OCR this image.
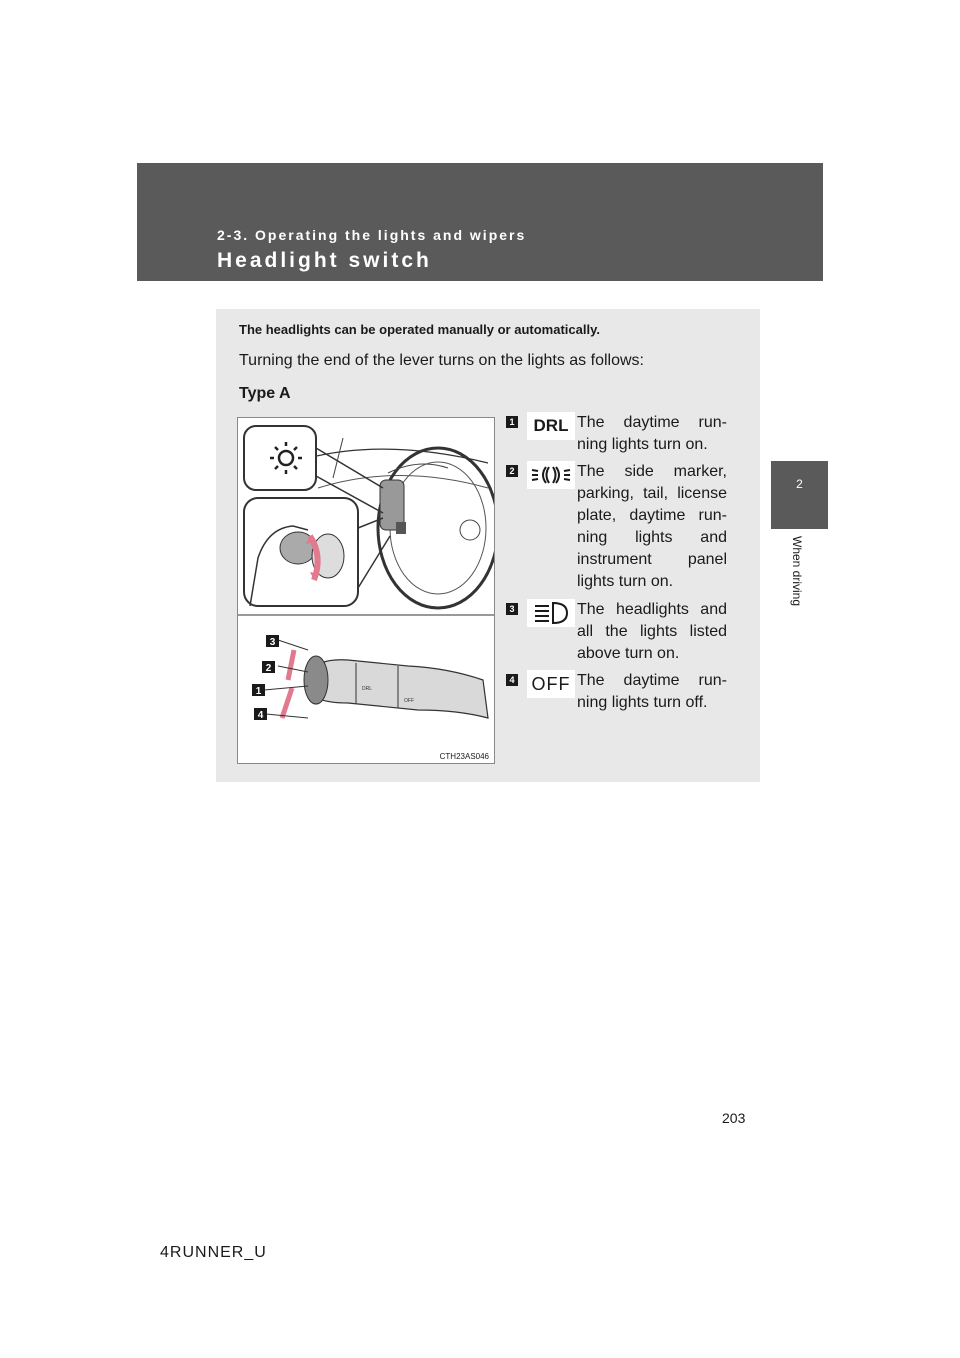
2-3. Operating the lights and wipers
Headlight switch
2
When driving
The headlights can be operated manually or automatically.
Turning the end of the lever turns on the lights as follows:
Type A
DRL
OFF
3
2
1
4
CTH23AS046
1	DRL The daytime run-ning lights turn on.
2	The side marker, parking, tail, license plate, daytime run-ning lights and instrument panel lights turn on.
3	The headlights and all the lights listed above turn on.
4 OFF The daytime run-ning lights turn off.
203
4RUNNER_U
